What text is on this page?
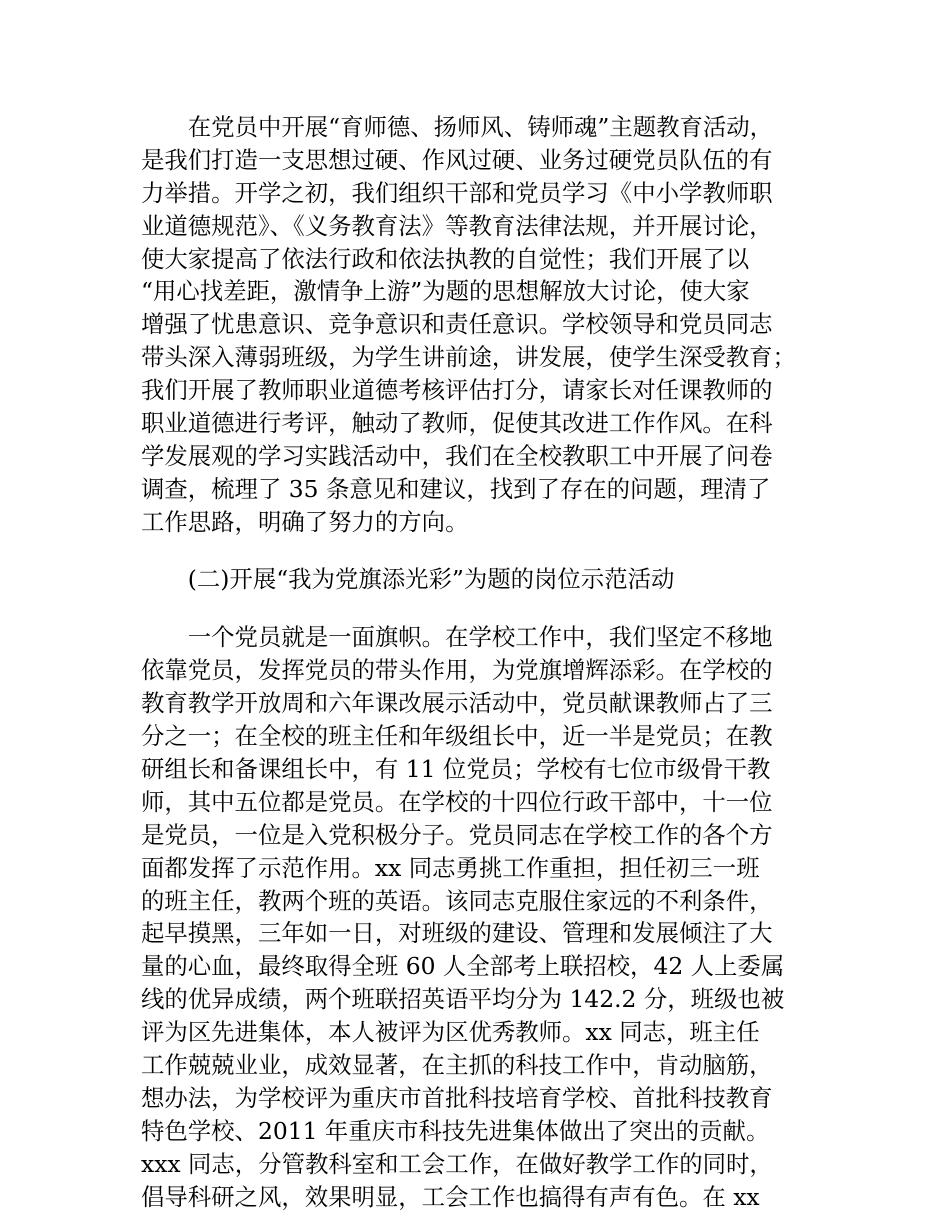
　　在党员中开展“育师德、扬师风、铸师魂”主题教育活动，
是我们打造一支思想过硬、作风过硬、业务过硬党员队伍的有
力举措。开学之初，我们组织干部和党员学习《中小学教师职
业道德规范》、《义务教育法》等教育法律法规，并开展讨论，
使大家提高了依法行政和依法执教的自觉性；我们开展了以
“用心找差距，激情争上游”为题的思想解放大讨论，使大家
增强了忧患意识、竞争意识和责任意识。学校领导和党员同志
带头深入薄弱班级，为学生讲前途，讲发展，使学生深受教育；
我们开展了教师职业道德考核评估打分，请家长对任课教师的
职业道德进行考评，触动了教师，促使其改进工作作风。在科
学发展观的学习实践活动中，我们在全校教职工中开展了问卷
调查，梳理了 35 条意见和建议，找到了存在的问题，理清了
工作思路，明确了努力的方向。
　　(二)开展“我为党旗添光彩”为题的岗位示范活动
　　一个党员就是一面旗帜。在学校工作中，我们坚定不移地
依靠党员，发挥党员的带头作用，为党旗增辉添彩。在学校的
教育教学开放周和六年课改展示活动中，党员献课教师占了三
分之一；在全校的班主任和年级组长中，近一半是党员；在教
研组长和备课组长中，有 11 位党员；学校有七位市级骨干教
师，其中五位都是党员。在学校的十四位行政干部中，十一位
是党员，一位是入党积极分子。党员同志在学校工作的各个方
面都发挥了示范作用。xx 同志勇挑工作重担，担任初三一班
的班主任，教两个班的英语。该同志克服住家远的不利条件，
起早摸黑，三年如一日，对班级的建设、管理和发展倾注了大
量的心血，最终取得全班 60 人全部考上联招校，42 人上委属
线的优异成绩，两个班联招英语平均分为 142.2 分，班级也被
评为区先进集体，本人被评为区优秀教师。xx 同志，班主任
工作兢兢业业，成效显著，在主抓的科技工作中，肯动脑筋，
想办法，为学校评为重庆市首批科技培育学校、首批科技教育
特色学校、2011 年重庆市科技先进集体做出了突出的贡献。
xxx 同志，分管教科室和工会工作，在做好教学工作的同时，
倡导科研之风，效果明显，工会工作也搞得有声有色。在 xx
